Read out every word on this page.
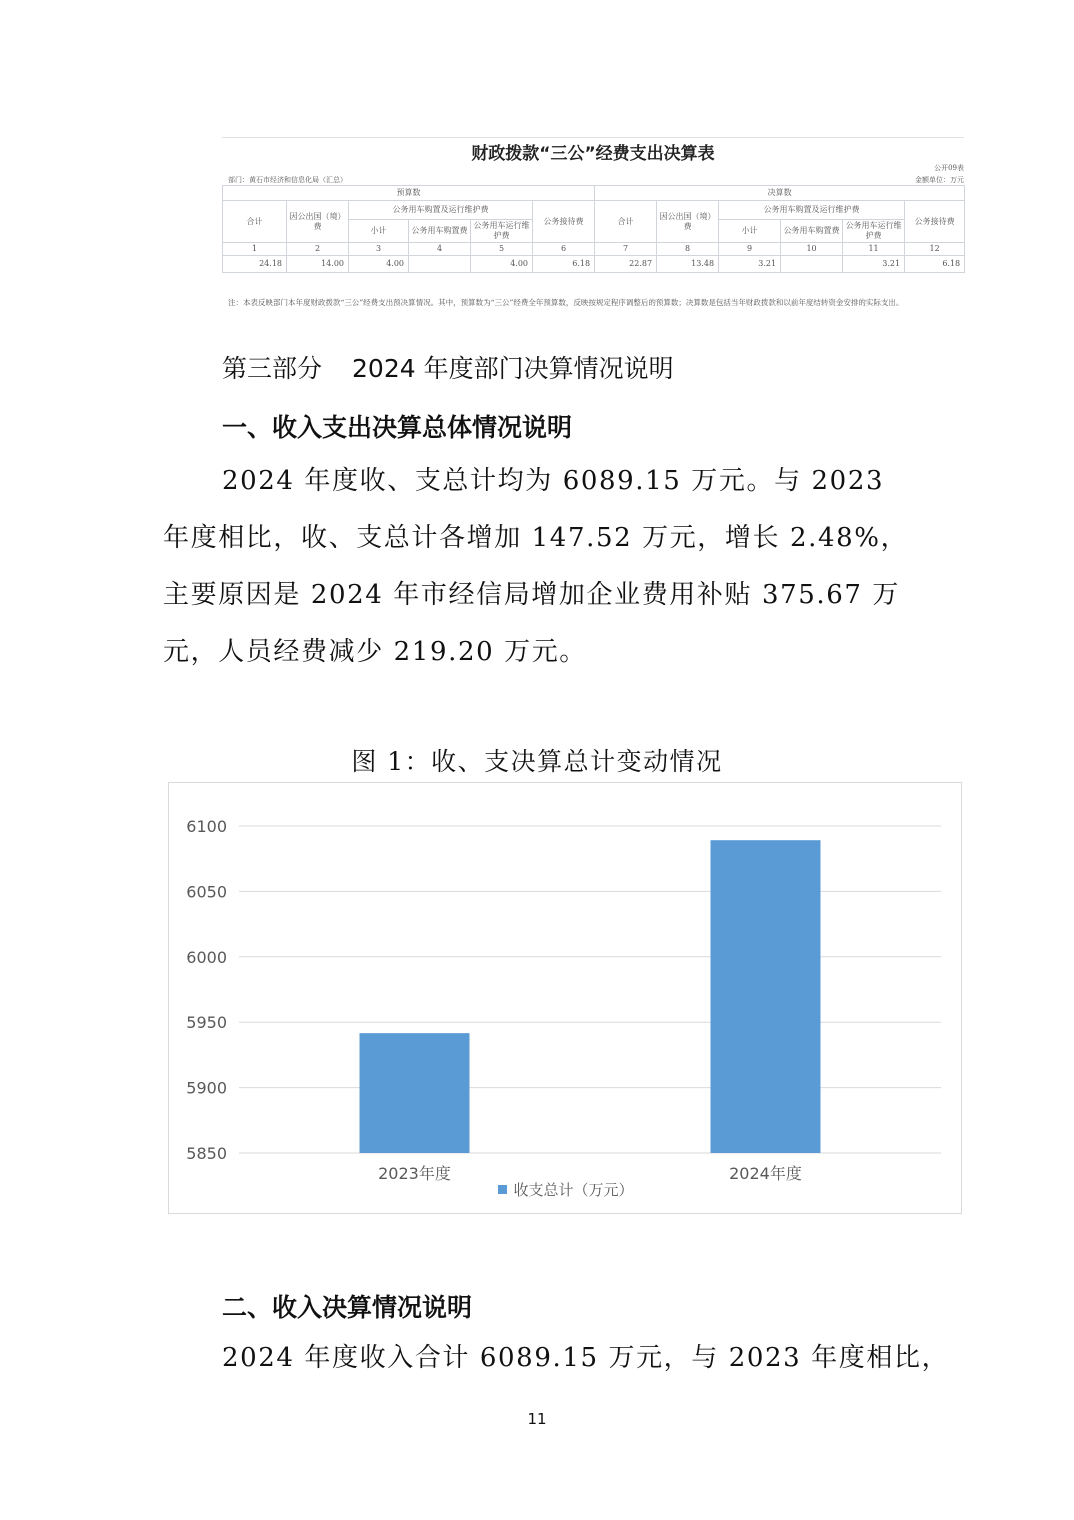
财政拨款“三公”经费支出决算表
公开09表
部门：黄石市经济和信息化局（汇总）	金额单位：万元
预算数						决算数					
合计	因公出国（境）费	公务用车购置及运行维护费			公务接待费	合计	因公出国（境）费	公务用车购置及运行维护费			公务接待费
		小计	公务用车购置费	公务用车运行维护费				小计	公务用车购置费	公务用车运行维护费	
1	2	3	4	5	6	7	8	9	10	11	12
24.18	14.00	4.00		4.00	6.18	22.87	13.48	3.21		3.21	6.18
注：本表反映部门本年度财政拨款“三公”经费支出预决算情况。其中，预算数为“三公”经费全年预算数，反映按规定程序调整后的预算数；决算数是包括当年财政拨款和以前年度结转资金安排的实际支出。
第三部分 2024 年度部门决算情况说明
一、收入支出决算总体情况说明

2024 年度收、支总计均为 6089.15 万元。与 2023 年度相比，收、支总计各增加 147.52 万元，增长 2.48%，主要原因是 2024 年市经信局增加企业费用补贴 375.67 万元，人员经费减少 219.20 万元。

图 1：收、支决算总计变动情况

5850
5900
5950
6000
6050
6100
2023年度	2024年度
收支总计（万元）
二、收入决算情况说明

2024 年度收入合计 6089.15 万元，与 2023 年度相比，

11
